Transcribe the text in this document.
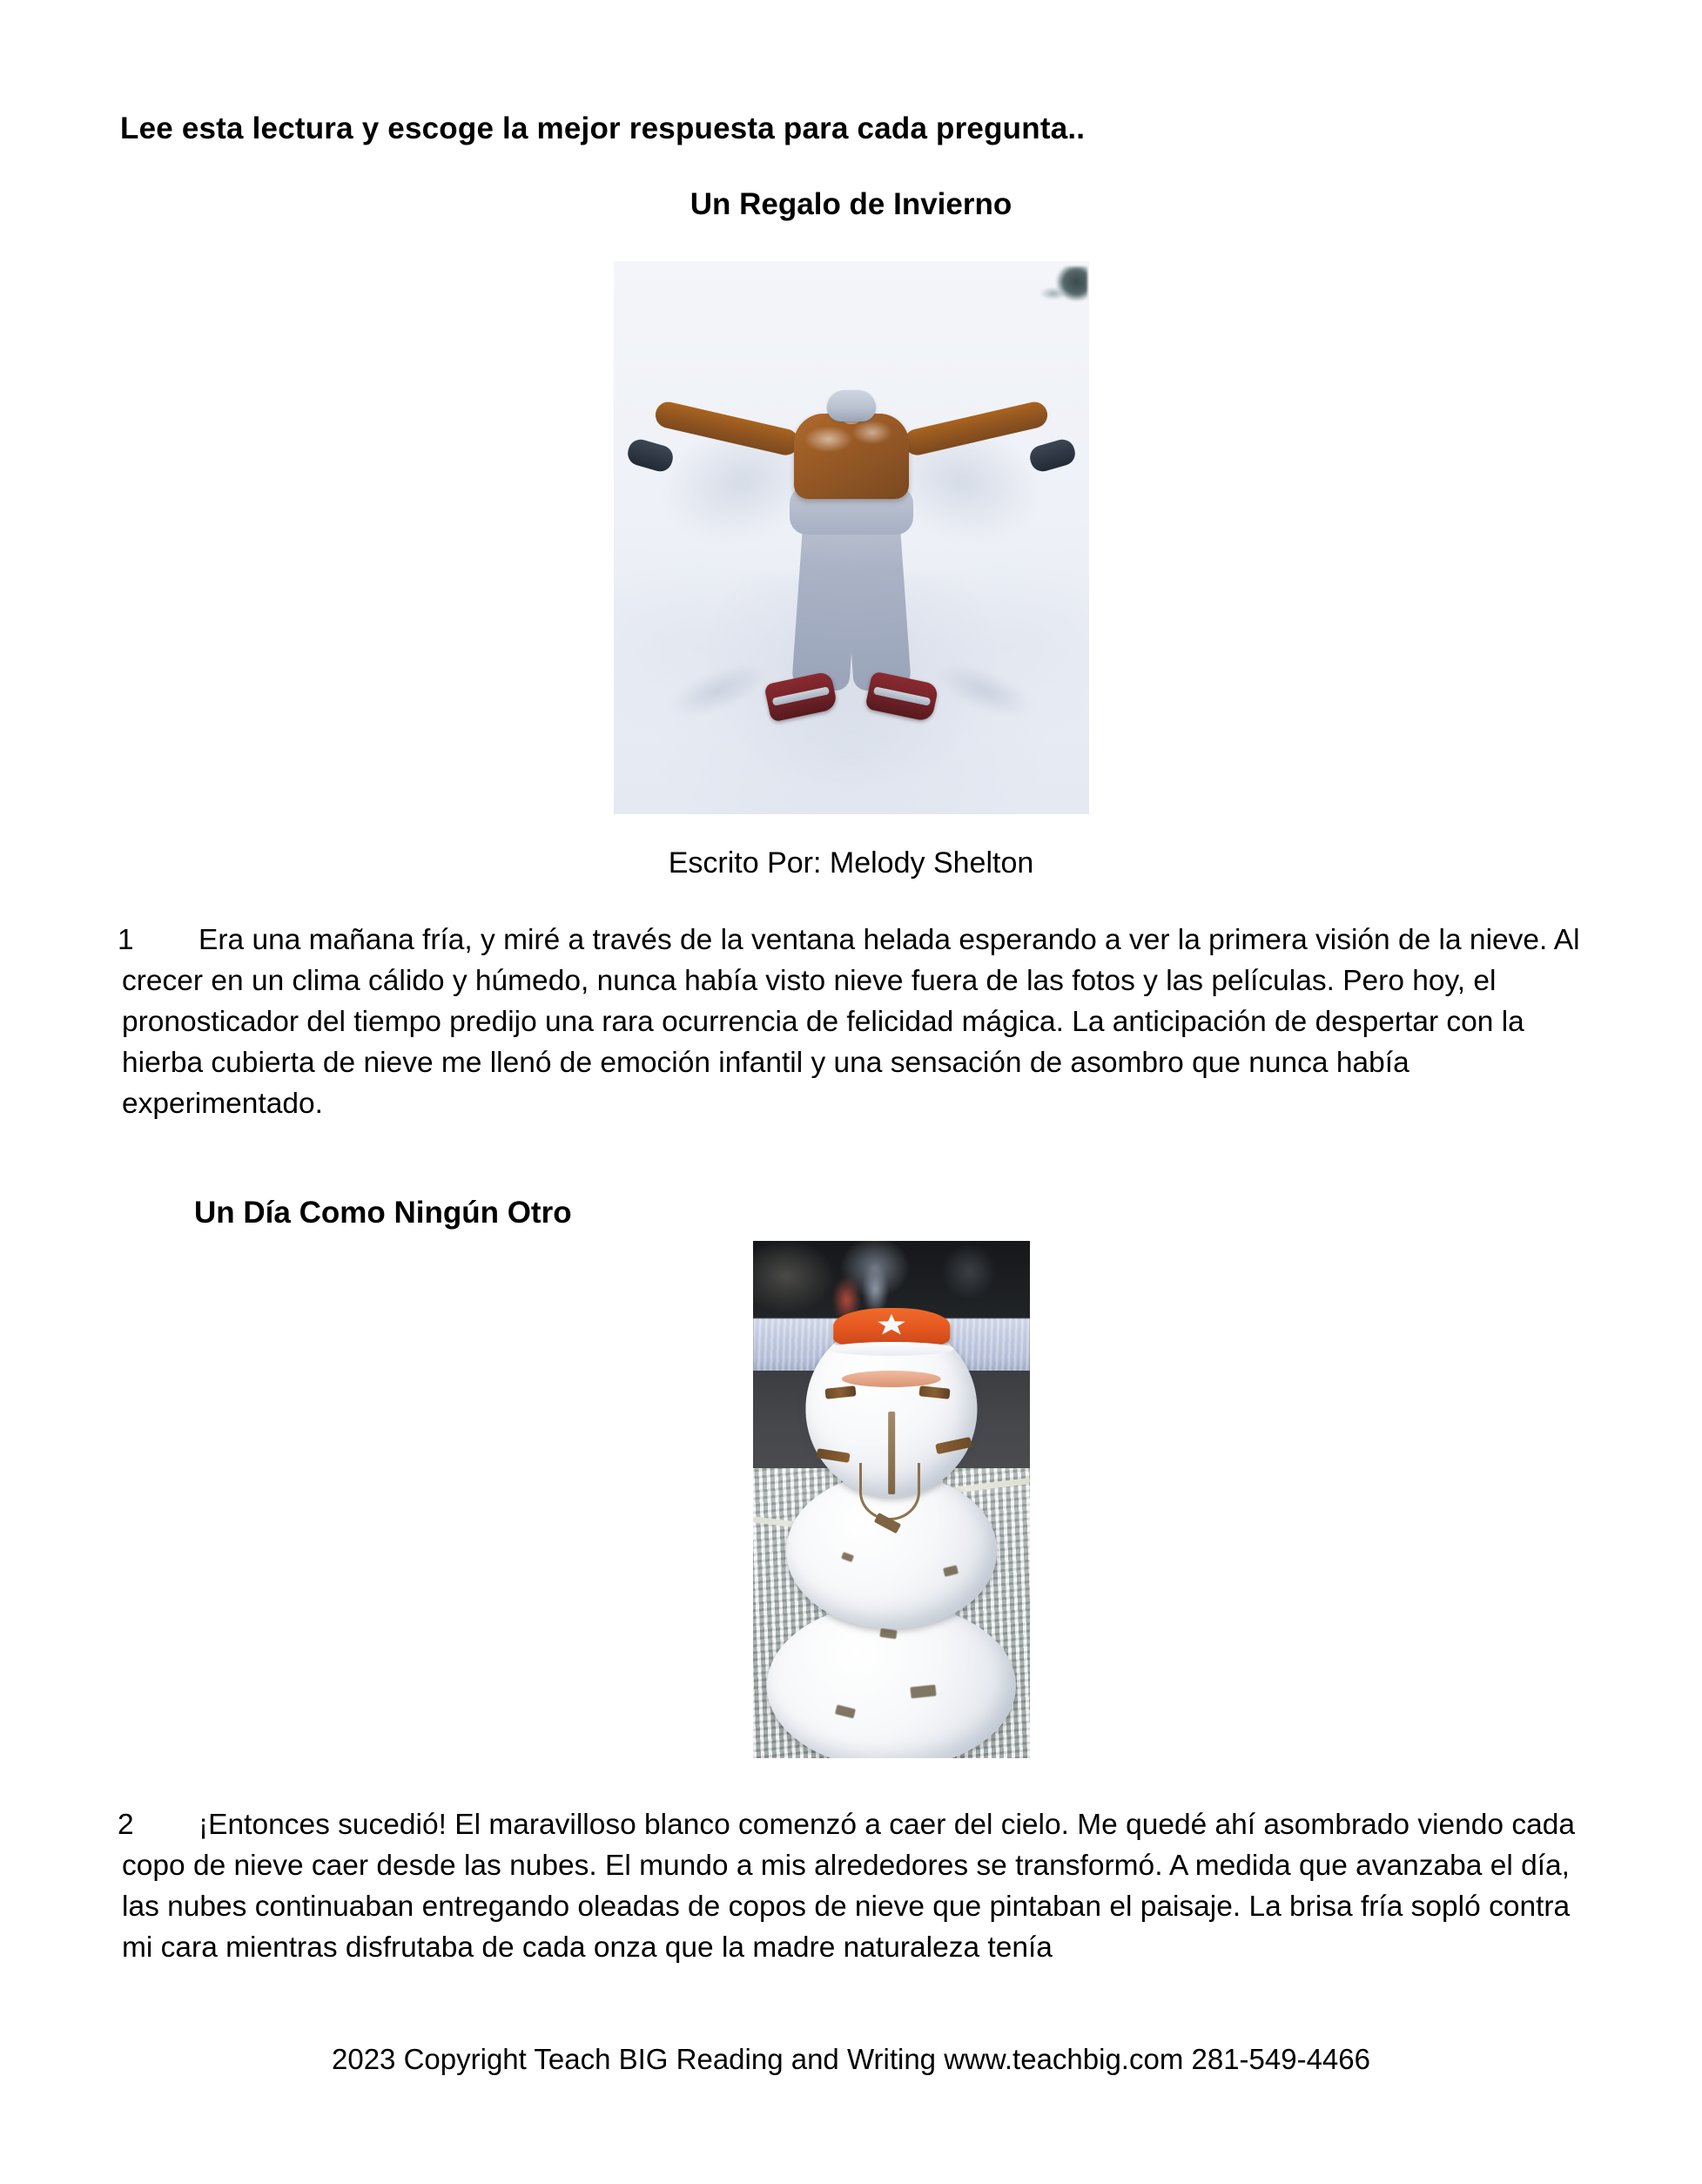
Lee esta lectura y escoge la mejor respuesta para cada pregunta..
Un Regalo de Invierno
Escrito Por: Melody Shelton
1	Era una mañana fría, y miré a través de la ventana helada esperando a ver la primera visión de la nieve. Al crecer en un clima cálido y húmedo, nunca había visto nieve fuera de las fotos y las películas. Pero hoy, el pronosticador del tiempo predijo una rara ocurrencia de felicidad mágica. La anticipación de despertar con la hierba cubierta de nieve me llenó de emoción infantil y una sensación de asombro que nunca había experimentado.
Un Día Como Ningún Otro
2	¡Entonces sucedió! El maravilloso blanco comenzó a caer del cielo. Me quedé ahí asombrado viendo cada copo de nieve caer desde las nubes. El mundo a mis alrededores se transformó. A medida que avanzaba el día, las nubes continuaban entregando oleadas de copos de nieve que pintaban el paisaje. La brisa fría sopló contra mi cara mientras disfrutaba de cada onza que la madre naturaleza tenía
2023 Copyright Teach BIG Reading and Writing www.teachbig.com 281-549-4466
